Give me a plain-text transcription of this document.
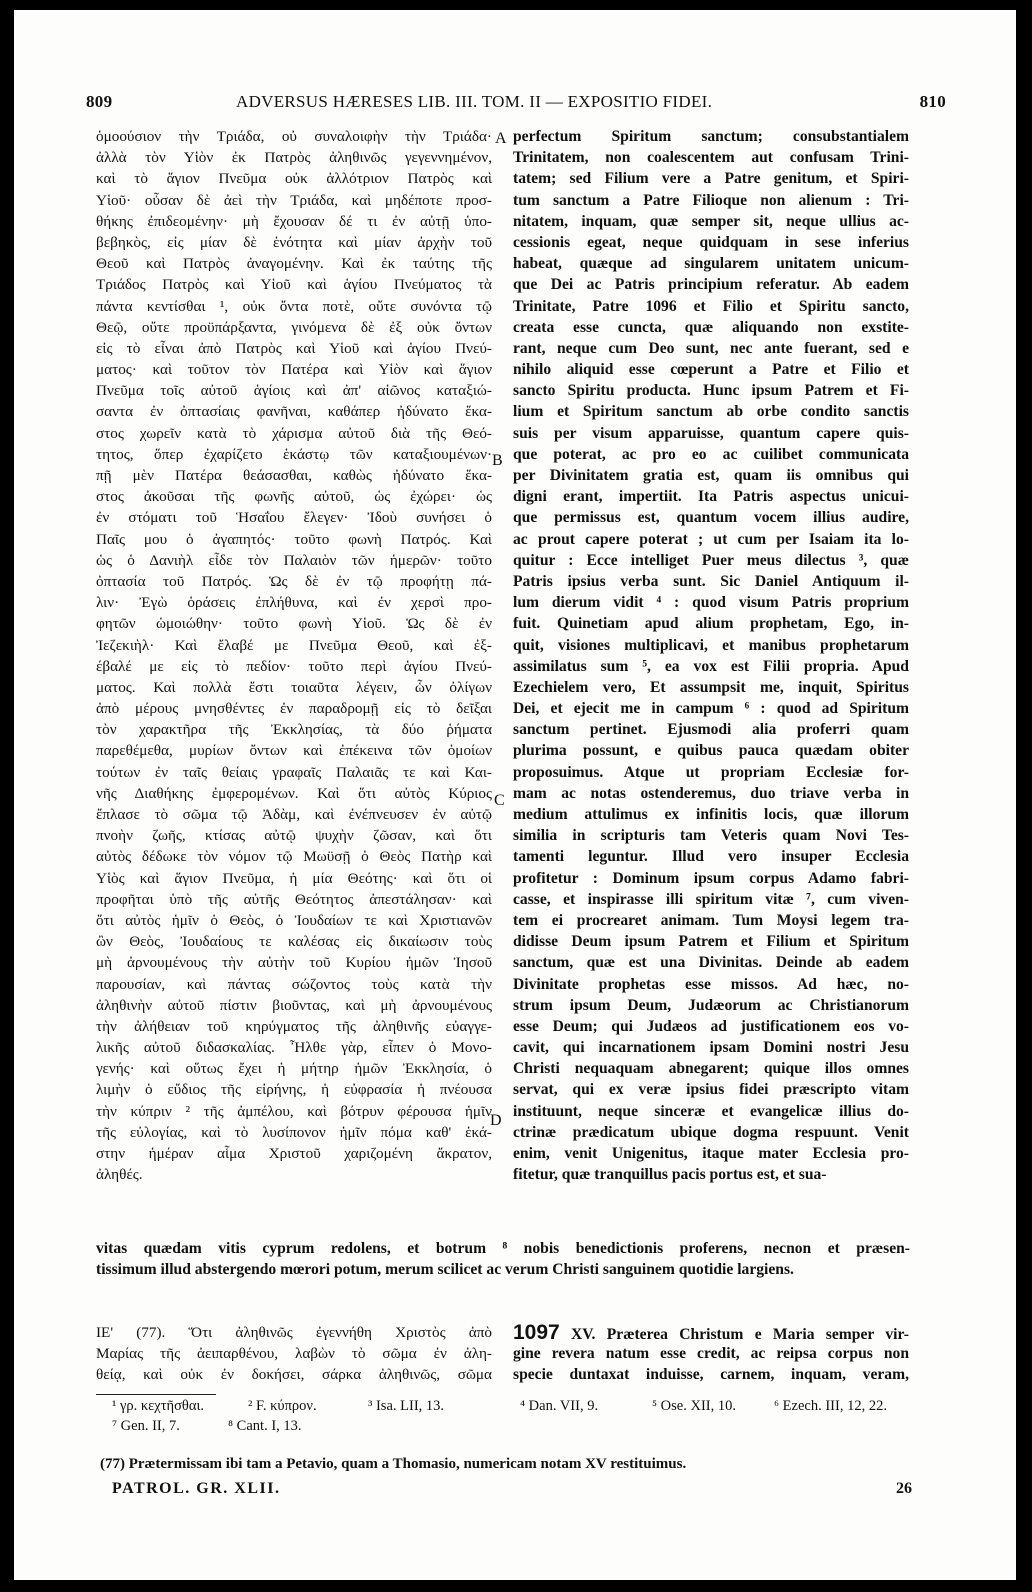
809	ADVERSUS HÆRESES LIB. III. TOM. II — EXPOSITIO FIDEI.	810
ὁμοούσιον τὴν Τριάδα, οὐ συναλοιφὴν τὴν Τριάδα·
ἀλλὰ τὸν Υἱὸν ἐκ Πατρὸς ἀληθινῶς γεγεννημένον,
καὶ τὸ ἅγιον Πνεῦμα οὐκ ἀλλότριον Πατρὸς καὶ
Υἱοῦ· οὖσαν δὲ ἀεὶ τὴν Τριάδα, καὶ μηδέποτε προσ-
θήκης ἐπιδεομένην· μὴ ἔχουσαν δέ τι ἐν αὐτῇ ὑπο-
βεβηκὸς, εἰς μίαν δὲ ἑνότητα καὶ μίαν ἀρχὴν τοῦ
Θεοῦ καὶ Πατρὸς ἀναγομένην. Καὶ ἐκ ταύτης τῆς
Τριάδος Πατρὸς καὶ Υἱοῦ καὶ ἁγίου Πνεύματος τὰ
πάντα κεντίσθαι ¹, οὐκ ὄντα ποτὲ, οὔτε συνόντα τῷ
Θεῷ, οὔτε προϋπάρξαντα, γινόμενα δὲ ἐξ οὐκ ὄντων
εἰς τὸ εἶναι ἀπὸ Πατρὸς καὶ Υἱοῦ καὶ ἁγίου Πνεύ-
ματος· καὶ τοῦτον τὸν Πατέρα καὶ Υἱὸν καὶ ἅγιον
Πνεῦμα τοῖς αὐτοῦ ἁγίοις καὶ ἀπ' αἰῶνος καταξιώ-
σαντα ἐν ὀπτασίαις φανῆναι, καθάπερ ἠδύνατο ἕκα-
στος χωρεῖν κατὰ τὸ χάρισμα αὐτοῦ διὰ τῆς Θεό-
τητος, ὅπερ ἐχαρίζετο ἑκάστῳ τῶν καταξιουμένων·
πῇ μὲν Πατέρα θεάσασθαι, καθὼς ἠδύνατο ἕκα-
στος ἀκοῦσαι τῆς φωνῆς αὐτοῦ, ὡς ἐχώρει· ὡς
ἐν στόματι τοῦ Ἡσαΐου ἔλεγεν· Ἰδοὺ συνήσει ὁ
Παῖς μου ὁ ἀγαπητός· τοῦτο φωνὴ Πατρός. Καὶ
ὡς ὁ Δανιὴλ εἶδε τὸν Παλαιὸν τῶν ἡμερῶν· τοῦτο
ὀπτασία τοῦ Πατρός. Ὡς δὲ ἐν τῷ προφήτῃ πά-
λιν· Ἐγὼ ὁράσεις ἐπλήθυνα, καὶ ἐν χερσὶ προ-
φητῶν ὡμοιώθην· τοῦτο φωνὴ Υἱοῦ. Ὡς δὲ ἐν
Ἰεζεκιὴλ· Καὶ ἔλαβέ με Πνεῦμα Θεοῦ, καὶ ἐξ-
έβαλέ με εἰς τὸ πεδίον· τοῦτο περὶ ἁγίου Πνεύ-
ματος. Καὶ πολλὰ ἔστι τοιαῦτα λέγειν, ὧν ὀλίγων
ἀπὸ μέρους μνησθέντες ἐν παραδρομῇ εἰς τὸ δεῖξαι
τὸν χαρακτῆρα τῆς Ἐκκλησίας, τὰ δύο ῥήματα
παρεθέμεθα, μυρίων ὄντων καὶ ἐπέκεινα τῶν ὁμοίων
τούτων ἐν ταῖς θείαις γραφαῖς Παλαιᾶς τε καὶ Και-
νῆς Διαθήκης ἐμφερομένων. Καὶ ὅτι αὐτὸς Κύριος
ἔπλασε τὸ σῶμα τῷ Ἀδὰμ, καὶ ἐνέπνευσεν ἐν αὐτῷ
πνοὴν ζωῆς, κτίσας αὐτῷ ψυχὴν ζῶσαν, καὶ ὅτι
αὐτὸς δέδωκε τὸν νόμον τῷ Μωϋσῇ ὁ Θεὸς Πατὴρ καὶ
Υἱὸς καὶ ἅγιον Πνεῦμα, ἡ μία Θεότης· καὶ ὅτι οἱ
προφῆται ὑπὸ τῆς αὐτῆς Θεότητος ἀπεστάλησαν· καὶ
ὅτι αὐτὸς ἡμῖν ὁ Θεὸς, ὁ Ἰουδαίων τε καὶ Χριστιανῶν
ὢν Θεὸς, Ἰουδαίους τε καλέσας εἰς δικαίωσιν τοὺς
μὴ ἀρνουμένους τὴν αὐτὴν τοῦ Κυρίου ἡμῶν Ἰησοῦ
παρουσίαν, καὶ πάντας σώζοντος τοὺς κατὰ τὴν
ἀληθινὴν αὐτοῦ πίστιν βιοῦντας, καὶ μὴ ἀρνουμένους
τὴν ἀλήθειαν τοῦ κηρύγματος τῆς ἀληθινῆς εὐαγγε-
λικῆς αὐτοῦ διδασκαλίας. Ἦλθε γὰρ, εἶπεν ὁ Μονο-
γενής· καὶ οὕτως ἔχει ἡ μήτηρ ἡμῶν Ἐκκλησία, ὁ
λιμὴν ὁ εὔδιος τῆς εἰρήνης, ἡ εὐφρασία ἡ πνέουσα
τὴν κύπριν ² τῆς ἀμπέλου, καὶ βότρυν φέρουσα ἡμῖν
τῆς εὐλογίας, καὶ τὸ λυσίπονον ἡμῖν πόμα καθ' ἑκά-
στην ἡμέραν αἷμα Χριστοῦ χαριζομένη ἄκρατον,
ἀληθές.
perfectum Spiritum sanctum; consubstantialem
Trinitatem, non coalescentem aut confusam Trini-
tatem; sed Filium vere a Patre genitum, et Spiri-
tum sanctum a Patre Filioque non alienum : Tri-
nitatem, inquam, quæ semper sit, neque ullius ac-
cessionis egeat, neque quidquam in sese inferius
habeat, quæque ad singularem unitatem unicum-
que Dei ac Patris principium referatur. Ab eadem
Trinitate, Patre 1096 et Filio et Spiritu sancto,
creata esse cuncta, quæ aliquando non exstite-
rant, neque cum Deo sunt, nec ante fuerant, sed e
nihilo aliquid esse cœperunt a Patre et Filio et
sancto Spiritu producta. Hunc ipsum Patrem et Fi-
lium et Spiritum sanctum ab orbe condito sanctis
suis per visum apparuisse, quantum capere quis-
que poterat, ac pro eo ac cuilibet communicata
per Divinitatem gratia est, quam iis omnibus qui
digni erant, impertiit. Ita Patris aspectus unicui-
que permissus est, quantum vocem illius audire,
ac prout capere poterat ; ut cum per Isaiam ita lo-
quitur : Ecce intelliget Puer meus dilectus ³, quæ
Patris ipsius verba sunt. Sic Daniel Antiquum il-
lum dierum vidit ⁴ : quod visum Patris proprium
fuit. Quinetiam apud alium prophetam, Ego, in-
quit, visiones multiplicavi, et manibus prophetarum
assimilatus sum ⁵, ea vox est Filii propria. Apud
Ezechielem vero, Et assumpsit me, inquit, Spiritus
Dei, et ejecit me in campum ⁶ : quod ad Spiritum
sanctum pertinet. Ejusmodi alia proferri quam
plurima possunt, e quibus pauca quædam obiter
proposuimus. Atque ut propriam Ecclesiæ for-
mam ac notas ostenderemus, duo triave verba in
medium attulimus ex infinitis locis, quæ illorum
similia in scripturis tam Veteris quam Novi Tes-
tamenti leguntur. Illud vero insuper Ecclesia
profitetur : Dominum ipsum corpus Adamo fabri-
casse, et inspirasse illi spiritum vitæ ⁷, cum viven-
tem ei procrearet animam. Tum Moysi legem tra-
didisse Deum ipsum Patrem et Filium et Spiritum
sanctum, quæ est una Divinitas. Deinde ab eadem
Divinitate prophetas esse missos. Ad hæc, no-
strum ipsum Deum, Judæorum ac Christianorum
esse Deum; qui Judæos ad justificationem eos vo-
cavit, qui incarnationem ipsam Domini nostri Jesu
Christi nequaquam abnegarent; quique illos omnes
servat, qui ex veræ ipsius fidei præscripto vitam
instituunt, neque sinceræ et evangelicæ illius do-
ctrinæ prædicatum ubique dogma respuunt. Venit
enim, venit Unigenitus, itaque mater Ecclesia pro-
fitetur, quæ tranquillus pacis portus est, et sua-
A
B
C
D
vitas quædam vitis cyprum redolens, et botrum ⁸ nobis benedictionis proferens, necnon et præsen-
tissimum illud abstergendo mœrori potum, merum scilicet ac verum Christi sanguinem quotidie largiens.
ΙΕ' (77). Ὅτι ἀληθινῶς ἐγεννήθη Χριστὸς ἀπὸ
Μαρίας τῆς ἀειπαρθένου, λαβὼν τὸ σῶμα ἐν ἀλη-
θείᾳ, καὶ οὐκ ἐν δοκήσει, σάρκα ἀληθινῶς, σῶμα
1097 XV. Præterea Christum e Maria semper vir-
gine revera natum esse credit, ac reipsa corpus non
specie duntaxat induisse, carnem, inquam, veram,
¹ γρ. κεχτῆσθαι.	² F. κύπρον.	³ Isa. LII, 13.	⁴ Dan. VII, 9.	⁵ Ose. XII, 10.	⁶ Ezech. III, 12, 22.
⁷ Gen. II, 7.	⁸ Cant. I, 13.
(77) Prætermissam ibi tam a Petavio, quam a Thomasio, numericam notam XV restituimus.
PATROL. GR. XLII.	26
